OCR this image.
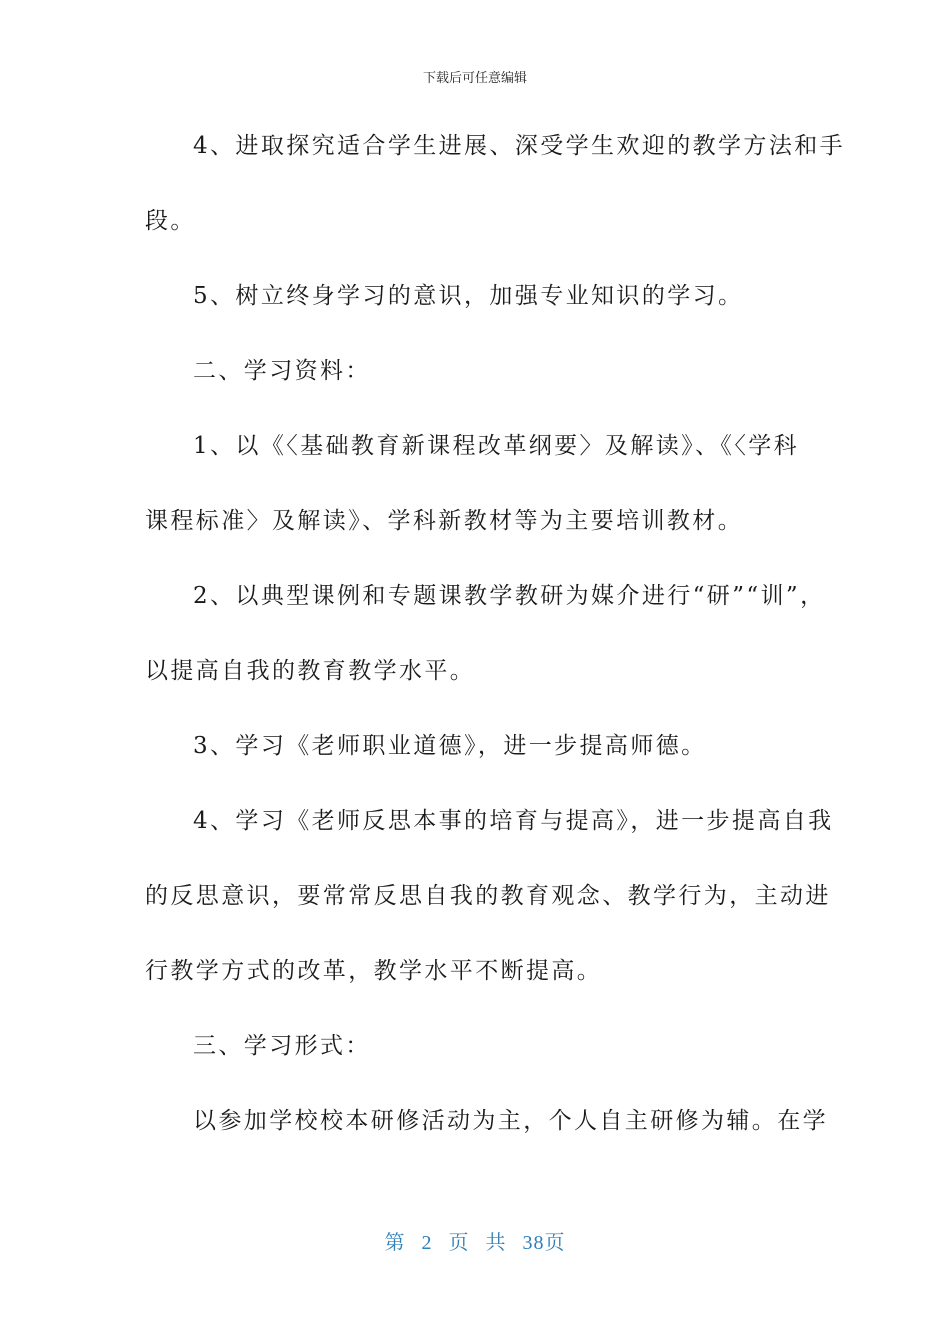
下载后可任意编辑
4、进取探究适合学生进展、深受学生欢迎的教学方法和手
段。
5、树立终身学习的意识，加强专业知识的学习。
二、学习资料：
1、以《〈基础教育新课程改革纲要〉及解读》、《〈学科
课程标准〉及解读》、学科新教材等为主要培训教材。
2、以典型课例和专题课教学教研为媒介进行“研”“训”，
以提高自我的教育教学水平。
3、学习《老师职业道德》，进一步提高师德。
4、学习《老师反思本事的培育与提高》，进一步提高自我
的反思意识，要常常反思自我的教育观念、教学行为，主动进
行教学方式的改革，教学水平不断提高。
三、学习形式：
以参加学校校本研修活动为主，个人自主研修为辅。在学
第 2 页 共 38页
